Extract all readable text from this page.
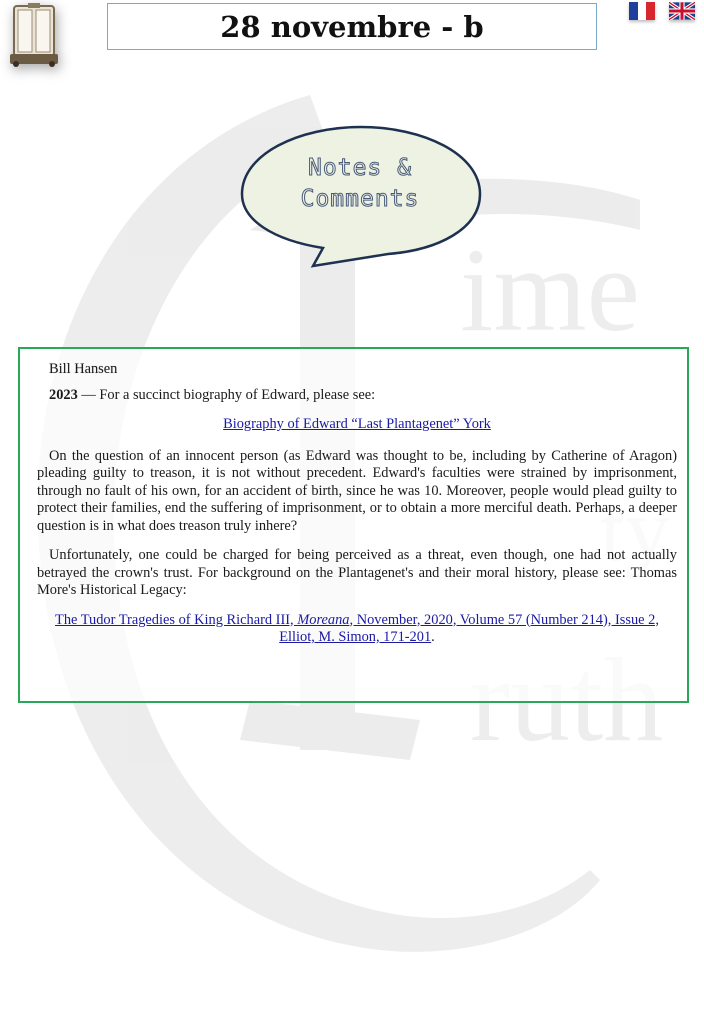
ime
28 novembre - b
Notes &
Comments

Bill Hansen

2023 — For a succinct biography of Edward, please see:

Biography of Edward “Last Plantagenet” York

On the question of an innocent person (as Edward was thought to be, including by Catherine of Aragon) pleading guilty to treason, it is not without precedent. Edward's faculties were strained by imprisonment, through no fault of his own, for an accident of birth, since he was 10. Moreover, people would plead guilty to protect their families, end the suffering of imprisonment, or to obtain a more merciful death. Perhaps, a deeper question is in what does treason truly inhere?

Unfortunately, one could be charged for being perceived as a threat, even though, one had not actually betrayed the crown's trust. For background on the Plantagenet's and their moral history, please see: Thomas More's Historical Legacy:

The Tudor Tragedies of King Richard III, Moreana, November, 2020, Volume 57 (Number 214), Issue 2, Elliot, M. Simon, 171-201.
